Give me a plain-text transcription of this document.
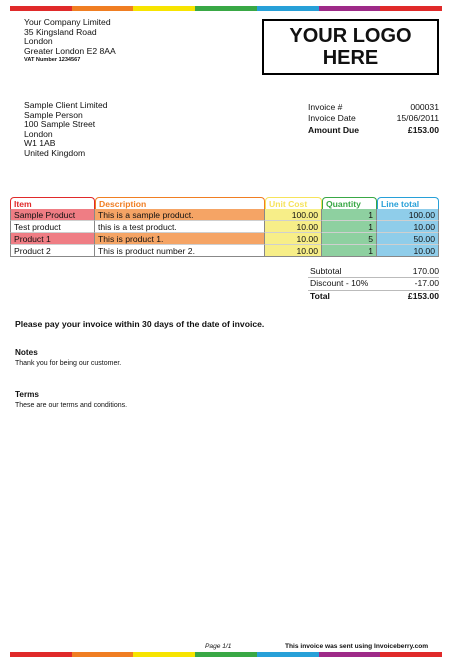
Your Company Limited
35 Kingsland Road
London
Greater London E2 8AA
VAT Number 1234567
YOUR LOGO
HERE
Sample Client Limited
Sample Person
100 Sample Street
London
W1 1AB
United Kingdom
Invoice #	000031
Invoice Date	15/06/2011
Amount Due	£153.00
Item	Description	Unit Cost	Quantity	Line total
Sample Product	This is a sample product.	100.00	1	100.00
Test product	this is a test product.	10.00	1	10.00
Product 1	This is product 1.	10.00	5	50.00
Product 2	This is product number 2.	10.00	1	10.00
Subtotal	170.00
Discount - 10%	-17.00
Total	£153.00
Please pay your invoice within 30 days of the date of invoice.
Notes
Thank you for being our customer.
Terms
These are our terms and conditions.
Page 1/1	This invoice was sent using Invoiceberry.com
